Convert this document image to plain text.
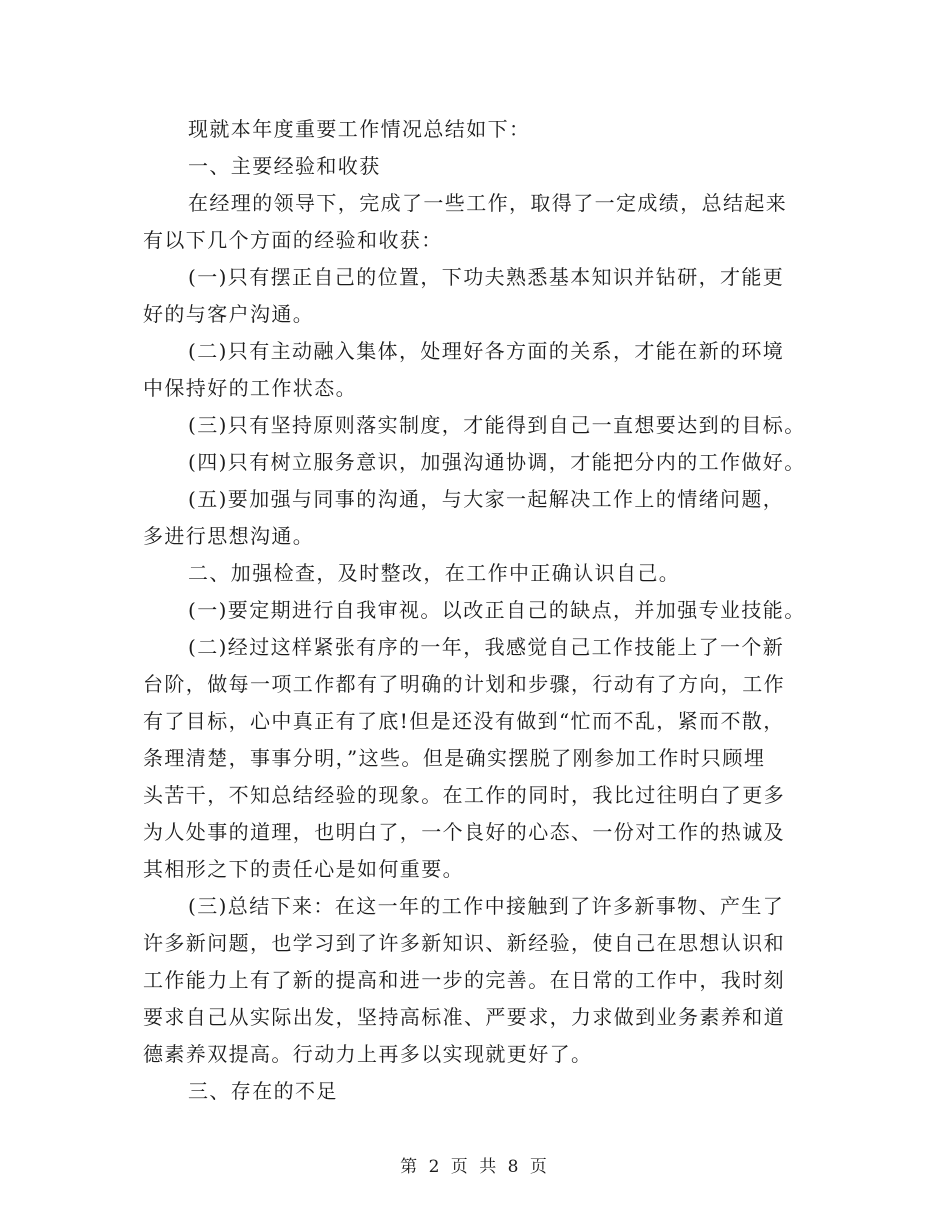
现就本年度重要工作情况总结如下：
一、主要经验和收获
在经理的领导下，完成了一些工作，取得了一定成绩，总结起来
有以下几个方面的经验和收获：
(一)只有摆正自己的位置，下功夫熟悉基本知识并钻研，才能更
好的与客户沟通。
(二)只有主动融入集体，处理好各方面的关系，才能在新的环境
中保持好的工作状态。
(三)只有坚持原则落实制度，才能得到自己一直想要达到的目标。
(四)只有树立服务意识，加强沟通协调，才能把分内的工作做好。
(五)要加强与同事的沟通，与大家一起解决工作上的情绪问题，
多进行思想沟通。
二、加强检查，及时整改，在工作中正确认识自己。
(一)要定期进行自我审视。以改正自己的缺点，并加强专业技能。
(二)经过这样紧张有序的一年，我感觉自己工作技能上了一个新
台阶，做每一项工作都有了明确的计划和步骤，行动有了方向，工作
有了目标，心中真正有了底!但是还没有做到“忙而不乱，紧而不散，
条理清楚，事事分明，”这些。但是确实摆脱了刚参加工作时只顾埋
头苦干，不知总结经验的现象。在工作的同时，我比过往明白了更多
为人处事的道理，也明白了，一个良好的心态、一份对工作的热诚及
其相形之下的责任心是如何重要。
(三)总结下来：在这一年的工作中接触到了许多新事物、产生了
许多新问题，也学习到了许多新知识、新经验，使自己在思想认识和
工作能力上有了新的提高和进一步的完善。在日常的工作中，我时刻
要求自己从实际出发，坚持高标准、严要求，力求做到业务素养和道
德素养双提高。行动力上再多以实现就更好了。
三、存在的不足
第 2 页 共 8 页
